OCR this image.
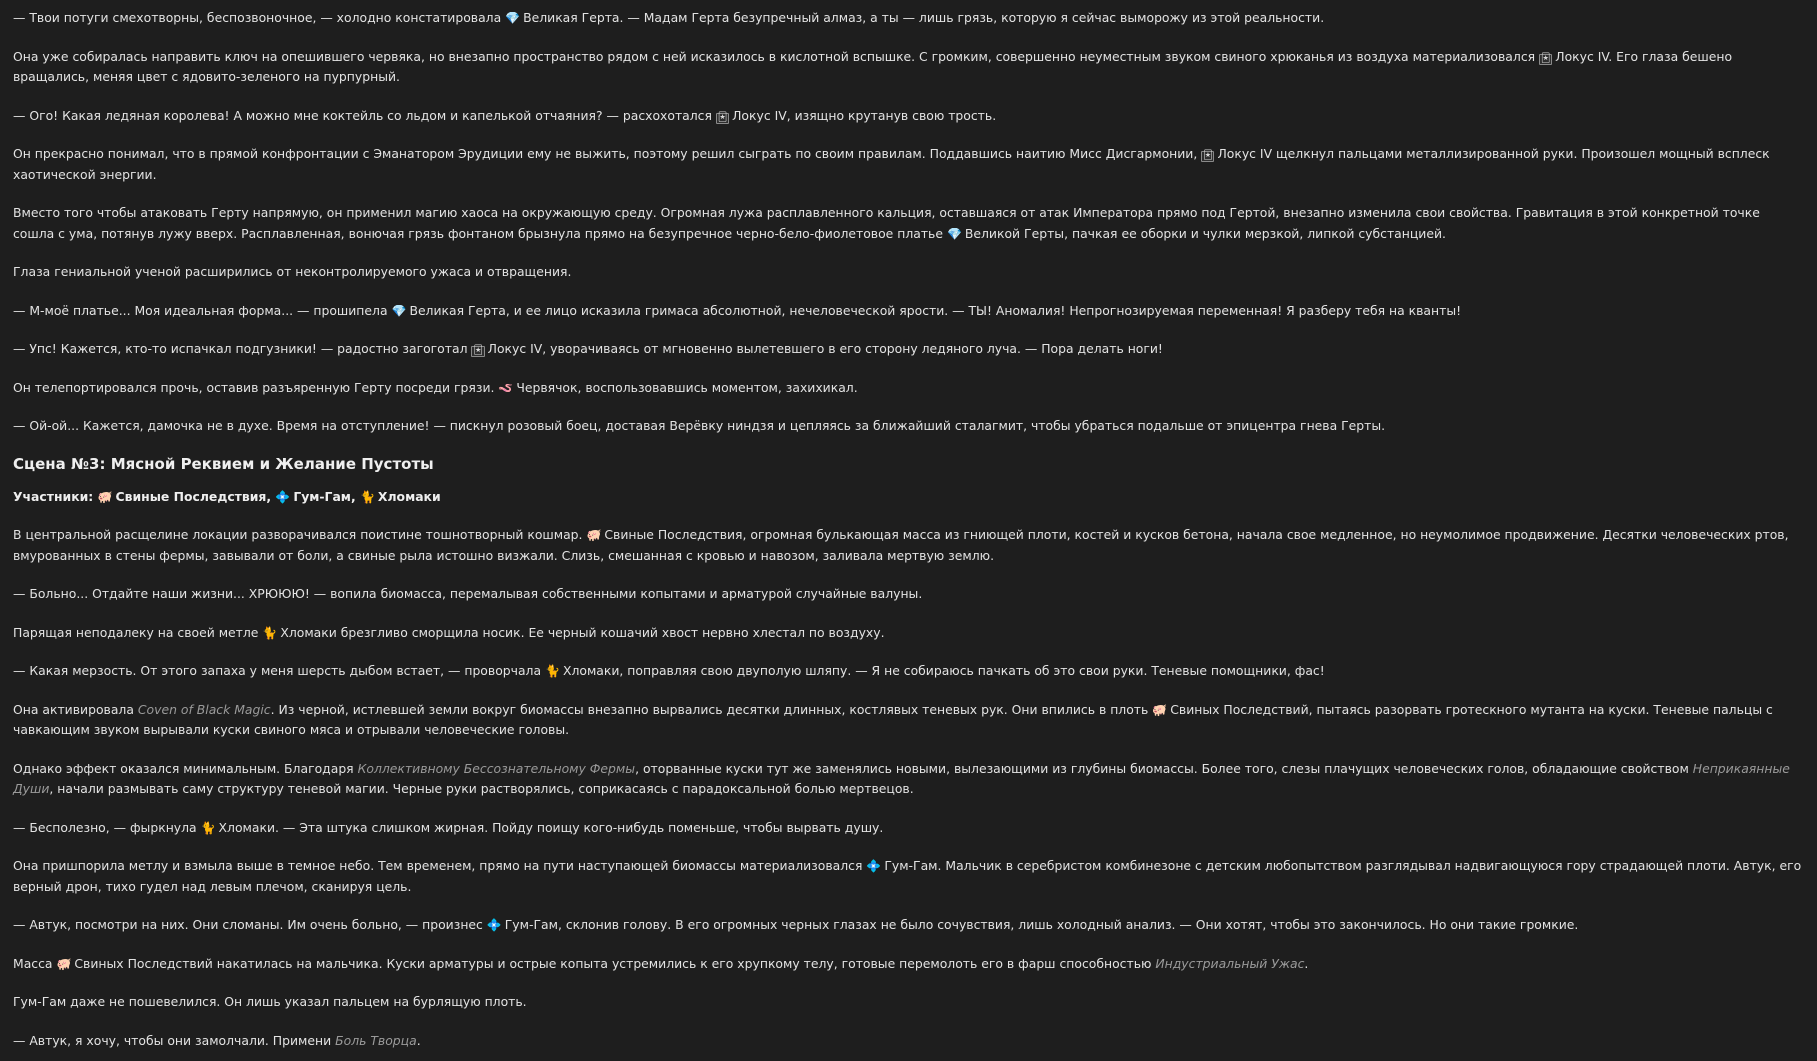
— Твои потуги смехотворны, беспозвоночное, — холодно констатировала 💎 Великая Герта. — Мадам Герта безупречный алмаз, а ты — лишь грязь, которую я сейчас выморожу из этой реальности.

Она уже собиралась направить ключ на опешившего червяка, но внезапно пространство рядом с ней исказилось в кислотной вспышке. С громким, совершенно неуместным звуком свиного хрюканья из воздуха материализовался 🃏 Локус IV. Его глаза бешено вращались, меняя цвет с ядовито-зеленого на пурпурный.

— Ого! Какая ледяная королева! А можно мне коктейль со льдом и капелькой отчаяния? — расхохотался 🃏 Локус IV, изящно крутанув свою трость.

Он прекрасно понимал, что в прямой конфронтации с Эманатором Эрудиции ему не выжить, поэтому решил сыграть по своим правилам. Поддавшись наитию Мисс Дисгармонии, 🃏 Локус IV щелкнул пальцами металлизированной руки. Произошел мощный всплеск хаотической энергии.

Вместо того чтобы атаковать Герту напрямую, он применил магию хаоса на окружающую среду. Огромная лужа расплавленного кальция, оставшаяся от атак Императора прямо под Гертой, внезапно изменила свои свойства. Гравитация в этой конкретной точке сошла с ума, потянув лужу вверх. Расплавленная, вонючая грязь фонтаном брызнула прямо на безупречное черно-бело-фиолетовое платье 💎 Великой Герты, пачкая ее оборки и чулки мерзкой, липкой субстанцией.

Глаза гениальной ученой расширились от неконтролируемого ужаса и отвращения.

— М-моё платье... Моя идеальная форма... — прошипела 💎 Великая Герта, и ее лицо исказила гримаса абсолютной, нечеловеческой ярости. — ТЫ! Аномалия! Непрогнозируемая переменная! Я разберу тебя на кванты!

— Упс! Кажется, кто-то испачкал подгузники! — радостно загоготал 🃏 Локус IV, уворачиваясь от мгновенно вылетевшего в его сторону ледяного луча. — Пора делать ноги!

Он телепортировался прочь, оставив разъяренную Герту посреди грязи. 🪱 Червячок, воспользовавшись моментом, захихикал.

— Ой-ой... Кажется, дамочка не в духе. Время на отступление! — пискнул розовый боец, доставая Верёвку ниндзя и цепляясь за ближайший сталагмит, чтобы убраться подальше от эпицентра гнева Герты.

Сцена №3: Мясной Реквием и Желание Пустоты

Участники: 🐖 Свиные Последствия, 💠 Гум-Гам, 🐈 Хломаки

В центральной расщелине локации разворачивался поистине тошнотворный кошмар. 🐖 Свиные Последствия, огромная булькающая масса из гниющей плоти, костей и кусков бетона, начала свое медленное, но неумолимое продвижение. Десятки человеческих ртов, вмурованных в стены фермы, завывали от боли, а свиные рыла истошно визжали. Слизь, смешанная с кровью и навозом, заливала мертвую землю.

— Больно... Отдайте наши жизни... ХРЮЮЮ! — вопила биомасса, перемалывая собственными копытами и арматурой случайные валуны.

Парящая неподалеку на своей метле 🐈 Хломаки брезгливо сморщила носик. Ее черный кошачий хвост нервно хлестал по воздуху.

— Какая мерзость. От этого запаха у меня шерсть дыбом встает, — проворчала 🐈 Хломаки, поправляя свою двуполую шляпу. — Я не собираюсь пачкать об это свои руки. Теневые помощники, фас!

Она активировала Coven of Black Magic. Из черной, истлевшей земли вокруг биомассы внезапно вырвались десятки длинных, костлявых теневых рук. Они впились в плоть 🐖 Свиных Последствий, пытаясь разорвать гротескного мутанта на куски. Теневые пальцы с чавкающим звуком вырывали куски свиного мяса и отрывали человеческие головы.

Однако эффект оказался минимальным. Благодаря Коллективному Бессознательному Фермы, оторванные куски тут же заменялись новыми, вылезающими из глубины биомассы. Более того, слезы плачущих человеческих голов, обладающие свойством Неприкаянные Души, начали размывать саму структуру теневой магии. Черные руки растворялись, соприкасаясь с парадоксальной болью мертвецов.

— Бесполезно, — фыркнула 🐈 Хломаки. — Эта штука слишком жирная. Пойду поищу кого-нибудь поменьше, чтобы вырвать душу.

Она пришпорила метлу и взмыла выше в темное небо. Тем временем, прямо на пути наступающей биомассы материализовался 💠 Гум-Гам. Мальчик в серебристом комбинезоне с детским любопытством разглядывал надвигающуюся гору страдающей плоти. Автук, его верный дрон, тихо гудел над левым плечом, сканируя цель.

— Автук, посмотри на них. Они сломаны. Им очень больно, — произнес 💠 Гум-Гам, склонив голову. В его огромных черных глазах не было сочувствия, лишь холодный анализ. — Они хотят, чтобы это закончилось. Но они такие громкие.

Масса 🐖 Свиных Последствий накатилась на мальчика. Куски арматуры и острые копыта устремились к его хрупкому телу, готовые перемолоть его в фарш способностью Индустриальный Ужас.

Гум-Гам даже не пошевелился. Он лишь указал пальцем на бурлящую плоть.

— Автук, я хочу, чтобы они замолчали. Примени Боль Творца.
